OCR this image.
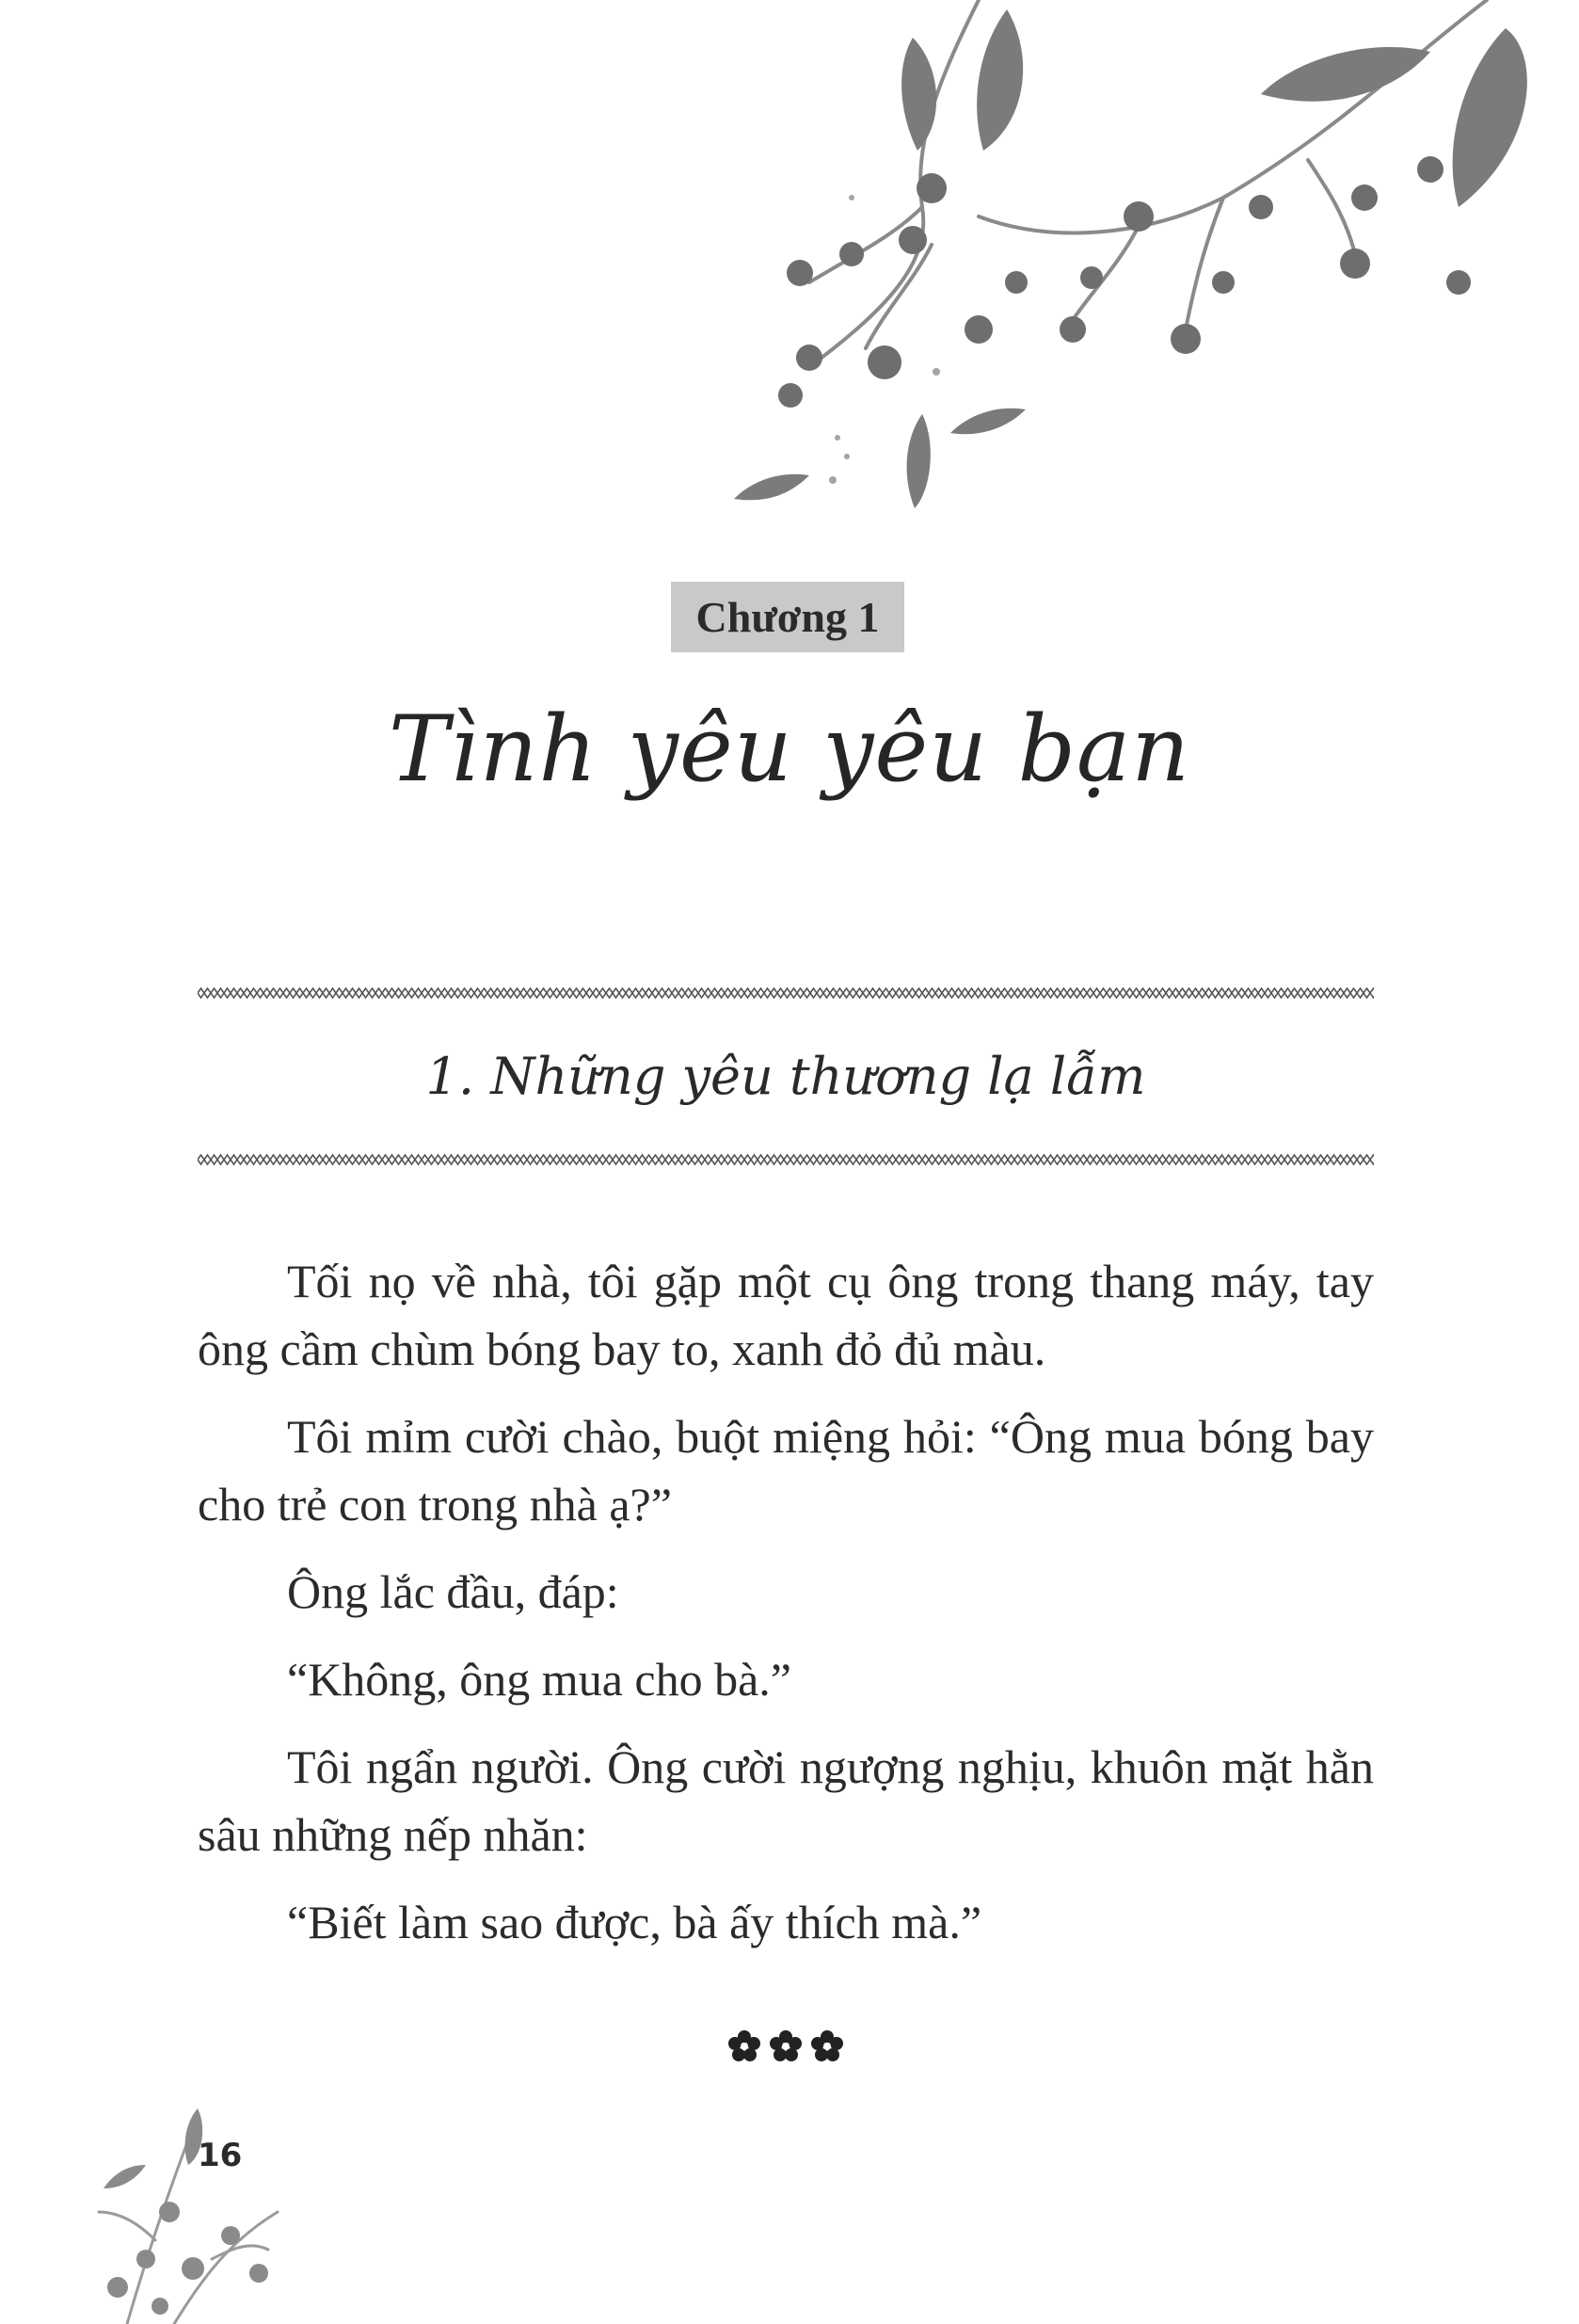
Chương 1
Tình yêu yêu bạn
1. Những yêu thương lạ lẫm

Tối nọ về nhà, tôi gặp một cụ ông trong thang máy, tay ông cầm chùm bóng bay to, xanh đỏ đủ màu.

Tôi mỉm cười chào, buột miệng hỏi: “Ông mua bóng bay cho trẻ con trong nhà ạ?”

Ông lắc đầu, đáp:

“Không, ông mua cho bà.”

Tôi ngẩn người. Ông cười ngượng nghịu, khuôn mặt hằn sâu những nếp nhăn:

“Biết làm sao được, bà ấy thích mà.”

16
